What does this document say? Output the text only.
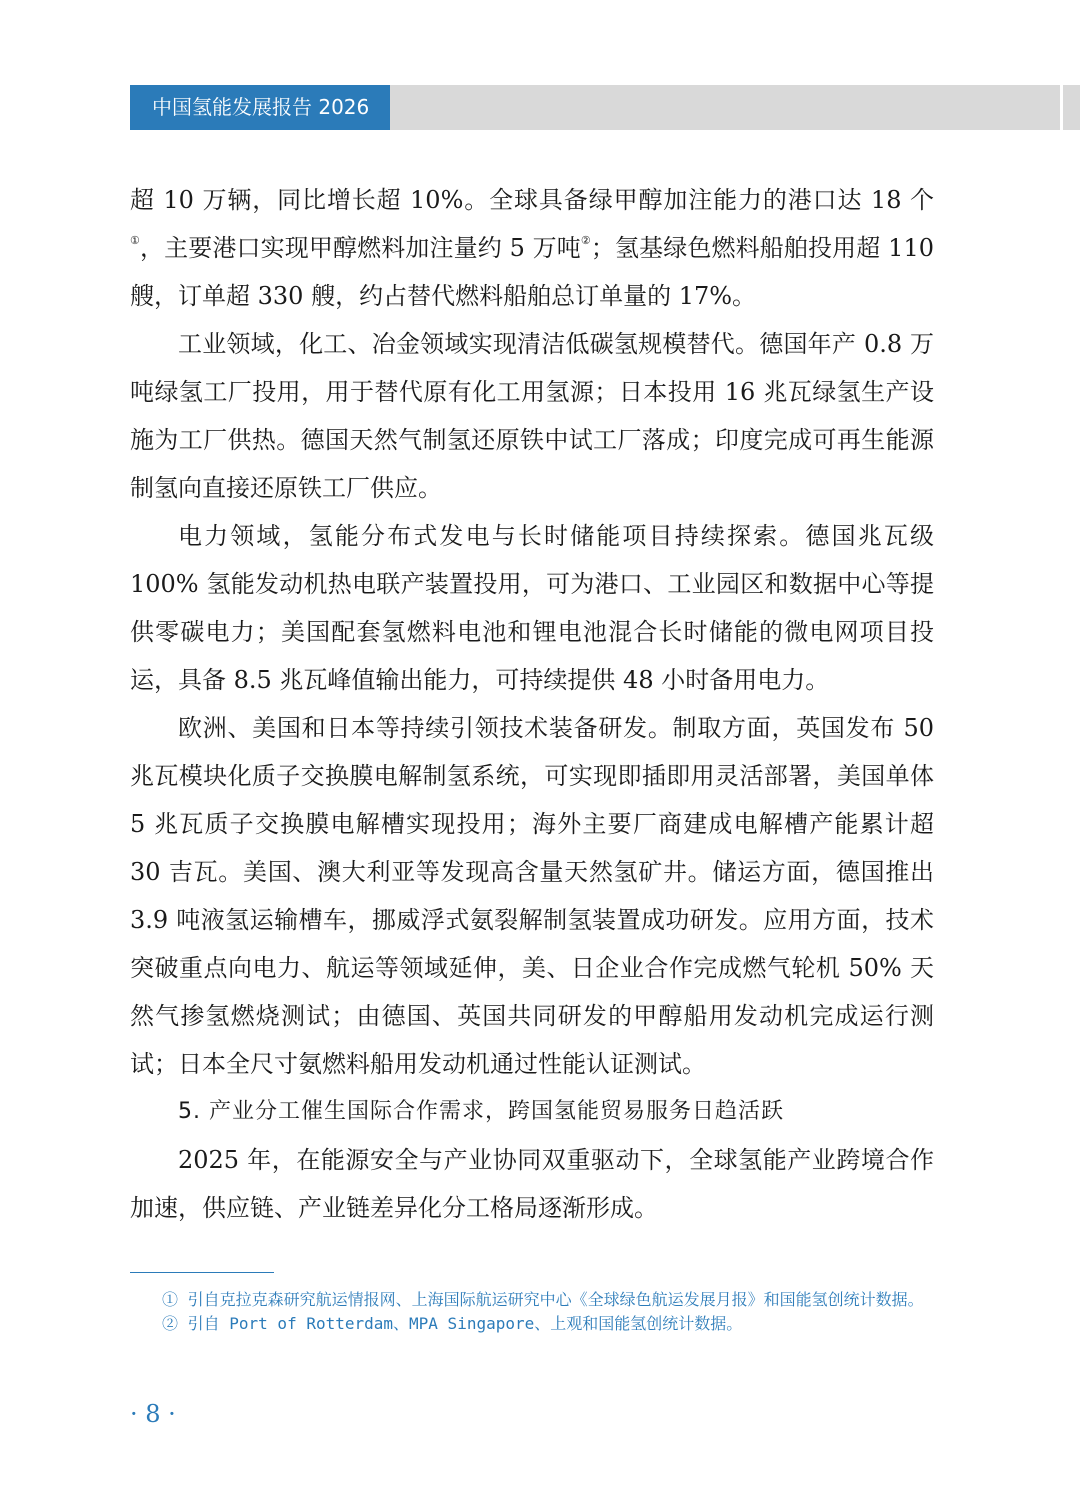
中国氢能发展报告 2026

超 10 万辆，同比增长超 10%。全球具备绿甲醇加注能力的港口达 18 个①，主要港口实现甲醇燃料加注量约 5 万吨②；氢基绿色燃料船舶投用超 110 艘，订单超 330 艘，约占替代燃料船舶总订单量的 17%。

工业领域，化工、冶金领域实现清洁低碳氢规模替代。德国年产 0.8 万吨绿氢工厂投用，用于替代原有化工用氢源；日本投用 16 兆瓦绿氢生产设施为工厂供热。德国天然气制氢还原铁中试工厂落成；印度完成可再生能源制氢向直接还原铁工厂供应。

电力领域，氢能分布式发电与长时储能项目持续探索。德国兆瓦级 100% 氢能发动机热电联产装置投用，可为港口、工业园区和数据中心等提供零碳电力；美国配套氢燃料电池和锂电池混合长时储能的微电网项目投运，具备 8.5 兆瓦峰值输出能力，可持续提供 48 小时备用电力。

欧洲、美国和日本等持续引领技术装备研发。制取方面，英国发布 50 兆瓦模块化质子交换膜电解制氢系统，可实现即插即用灵活部署，美国单体 5 兆瓦质子交换膜电解槽实现投用；海外主要厂商建成电解槽产能累计超 30 吉瓦。美国、澳大利亚等发现高含量天然氢矿井。储运方面，德国推出 3.9 吨液氢运输槽车，挪威浮式氨裂解制氢装置成功研发。应用方面，技术突破重点向电力、航运等领域延伸，美、日企业合作完成燃气轮机 50% 天然气掺氢燃烧测试；由德国、英国共同研发的甲醇船用发动机完成运行测试；日本全尺寸氨燃料船用发动机通过性能认证测试。

5. 产业分工催生国际合作需求，跨国氢能贸易服务日趋活跃

2025 年，在能源安全与产业协同双重驱动下，全球氢能产业跨境合作加速，供应链、产业链差异化分工格局逐渐形成。

① 引自克拉克森研究航运情报网、上海国际航运研究中心《全球绿色航运发展月报》和国能氢创统计数据。

② 引自 Port of Rotterdam、MPA Singapore、上观和国能氢创统计数据。

· 8 ·
